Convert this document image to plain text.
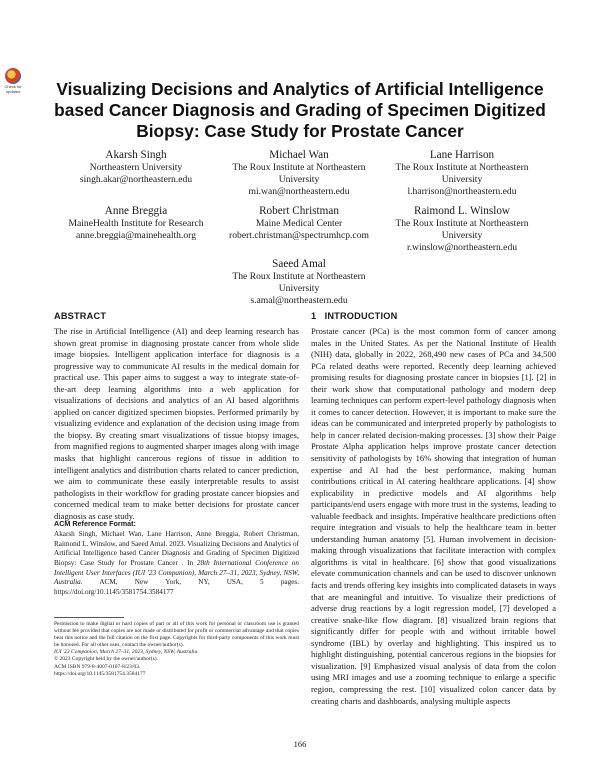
Check for updates	Visualizing Decisions and Analytics of Artificial Intelligence based Cancer Diagnosis and Grading of Specimen Digitized Biopsy: Case Study for Prostate Cancer
Akarsh Singh
Northeastern University
singh.akar@northeastern.edu
Michael Wan
The Roux Institute at Northeastern
University
mi.wan@northeastern.edu
Lane Harrison
The Roux Institute at Northeastern
University
l.harrison@northeastern.edu
Anne Breggia
MaineHealth Institute for Research
anne.breggia@mainehealth.org
Robert Christman
Maine Medical Center
robert.christman@spectrumhcp.com
Raimond L. Winslow
The Roux Institute at Northeastern
University
r.winslow@northeastern.edu
Saeed Amal
The Roux Institute at Northeastern
University
s.amal@northeastern.edu
ABSTRACT

The rise in Artificial Intelligence (AI) and deep learning research has shown great promise in diagnosing prostate cancer from whole slide image biopsies. Intelligent application interface for diagnosis is a progressive way to communicate AI results in the medical domain for practical use. This paper aims to suggest a way to integrate state-of-the-art deep learning algorithms into a web application for visualizations of decisions and analytics of an AI based algorithms applied on cancer digitized specimen biopsies. Performed primarily by visualizing evidence and explanation of the decision using image from the biopsy. By creating smart visualizations of tissue biopsy images, from magnified regions to augmented sharper images along with image masks that highlight cancerous regions of tissue in addition to intelligent analytics and distribution charts related to cancer prediction, we aim to communicate these easily interpretable results to assist pathologists in their workflow for grading prostate cancer biopsies and concerned medical team to make better decisions for prostate cancer diagnosis as case study.

ACM Reference Format:
Akarsh Singh, Michael Wan, Lane Harrison, Anne Breggia, Robert Christman, Raimond L. Winslow, and Saeed Amal. 2023. Visualizing Decisions and Analytics of Artificial Intelligence based Cancer Diagnosis and Grading of Specimen Digitized Biopsy: Case Study for Prostate Cancer . In 28th International Conference on Intelligent User Interfaces (IUI '23 Companion), March 27–31, 2023, Sydney, NSW, Australia. ACM, New York, NY, USA, 5 pages. https://doi.org/10.1145/3581754.3584177
Permission to make digital or hard copies of part or all of this work for personal or classroom use is granted without fee provided that copies are not made or distributed for profit or commercial advantage and that copies bear this notice and the full citation on the first page. Copyrights for third-party components of this work must be honored. For all other uses, contact the owner/author(s).
IUI '23 Companion, March 27–31, 2023, Sydney, NSW, Australia
© 2023 Copyright held by the owner/author(s).
ACM ISBN 979-8-4007-0107-8/23/03.
https://doi.org/10.1145/3581754.3584177
1   INTRODUCTION

Prostate cancer (PCa) is the most common form of cancer among males in the United States. As per the National Institute of Health (NIH) data, globally in 2022, 268,490 new cases of PCa and 34,500 PCa related deaths were reported. Recently deep learning achieved promising results for diagnosing prostate cancer in biopsies [1]. [2] in their work show that computational pathology and modern deep learning techniques can perform expert-level pathology diagnosis when it comes to cancer detection. However, it is important to make sure the ideas can be communicated and interpreted properly by pathologists to help in cancer related decision-making processes. [3] show their Paige Prostate Alpha application helps improve prostate cancer detection sensitivity of pathologists by 16% showing that integration of human expertise and AI had the best performance, making human contributions critical in AI catering healthcare applications. [4] show explicability in predictive models and AI algorithms help participants/end users engage with more trust in the systems, leading to valuable feedback and insights. Impérative healthcare predictions often require integration and visuals to help the healthcare team in better understanding human anatomy [5]. Human involvement in decision-making through visualizations that facilitate interaction with complex algorithms is vital in healthcare. [6] show that good visualizations elevate communication channels and can be used to discover unknown facts and trends offering key insights into complicated datasets in ways that are meaningful and intuitive. To visualize their predictions of adverse drug reactions by a logit regression model, [7] developed a creative snake-like flow diagram. [8] visualized brain regions that significantly differ for people with and without irritable bowel syndrome (IBL) by overlay and highlighting. This inspired us to highlight distinguishing, potential cancerous regions in the biopsies for visualization. [9] Emphasized visual analysis of data from the colon using MRI images and use a zooming technique to enlarge a specific region, compressing the rest. [10] visualized colon cancer data by creating charts and dashboards, analysing multiple aspects

166
